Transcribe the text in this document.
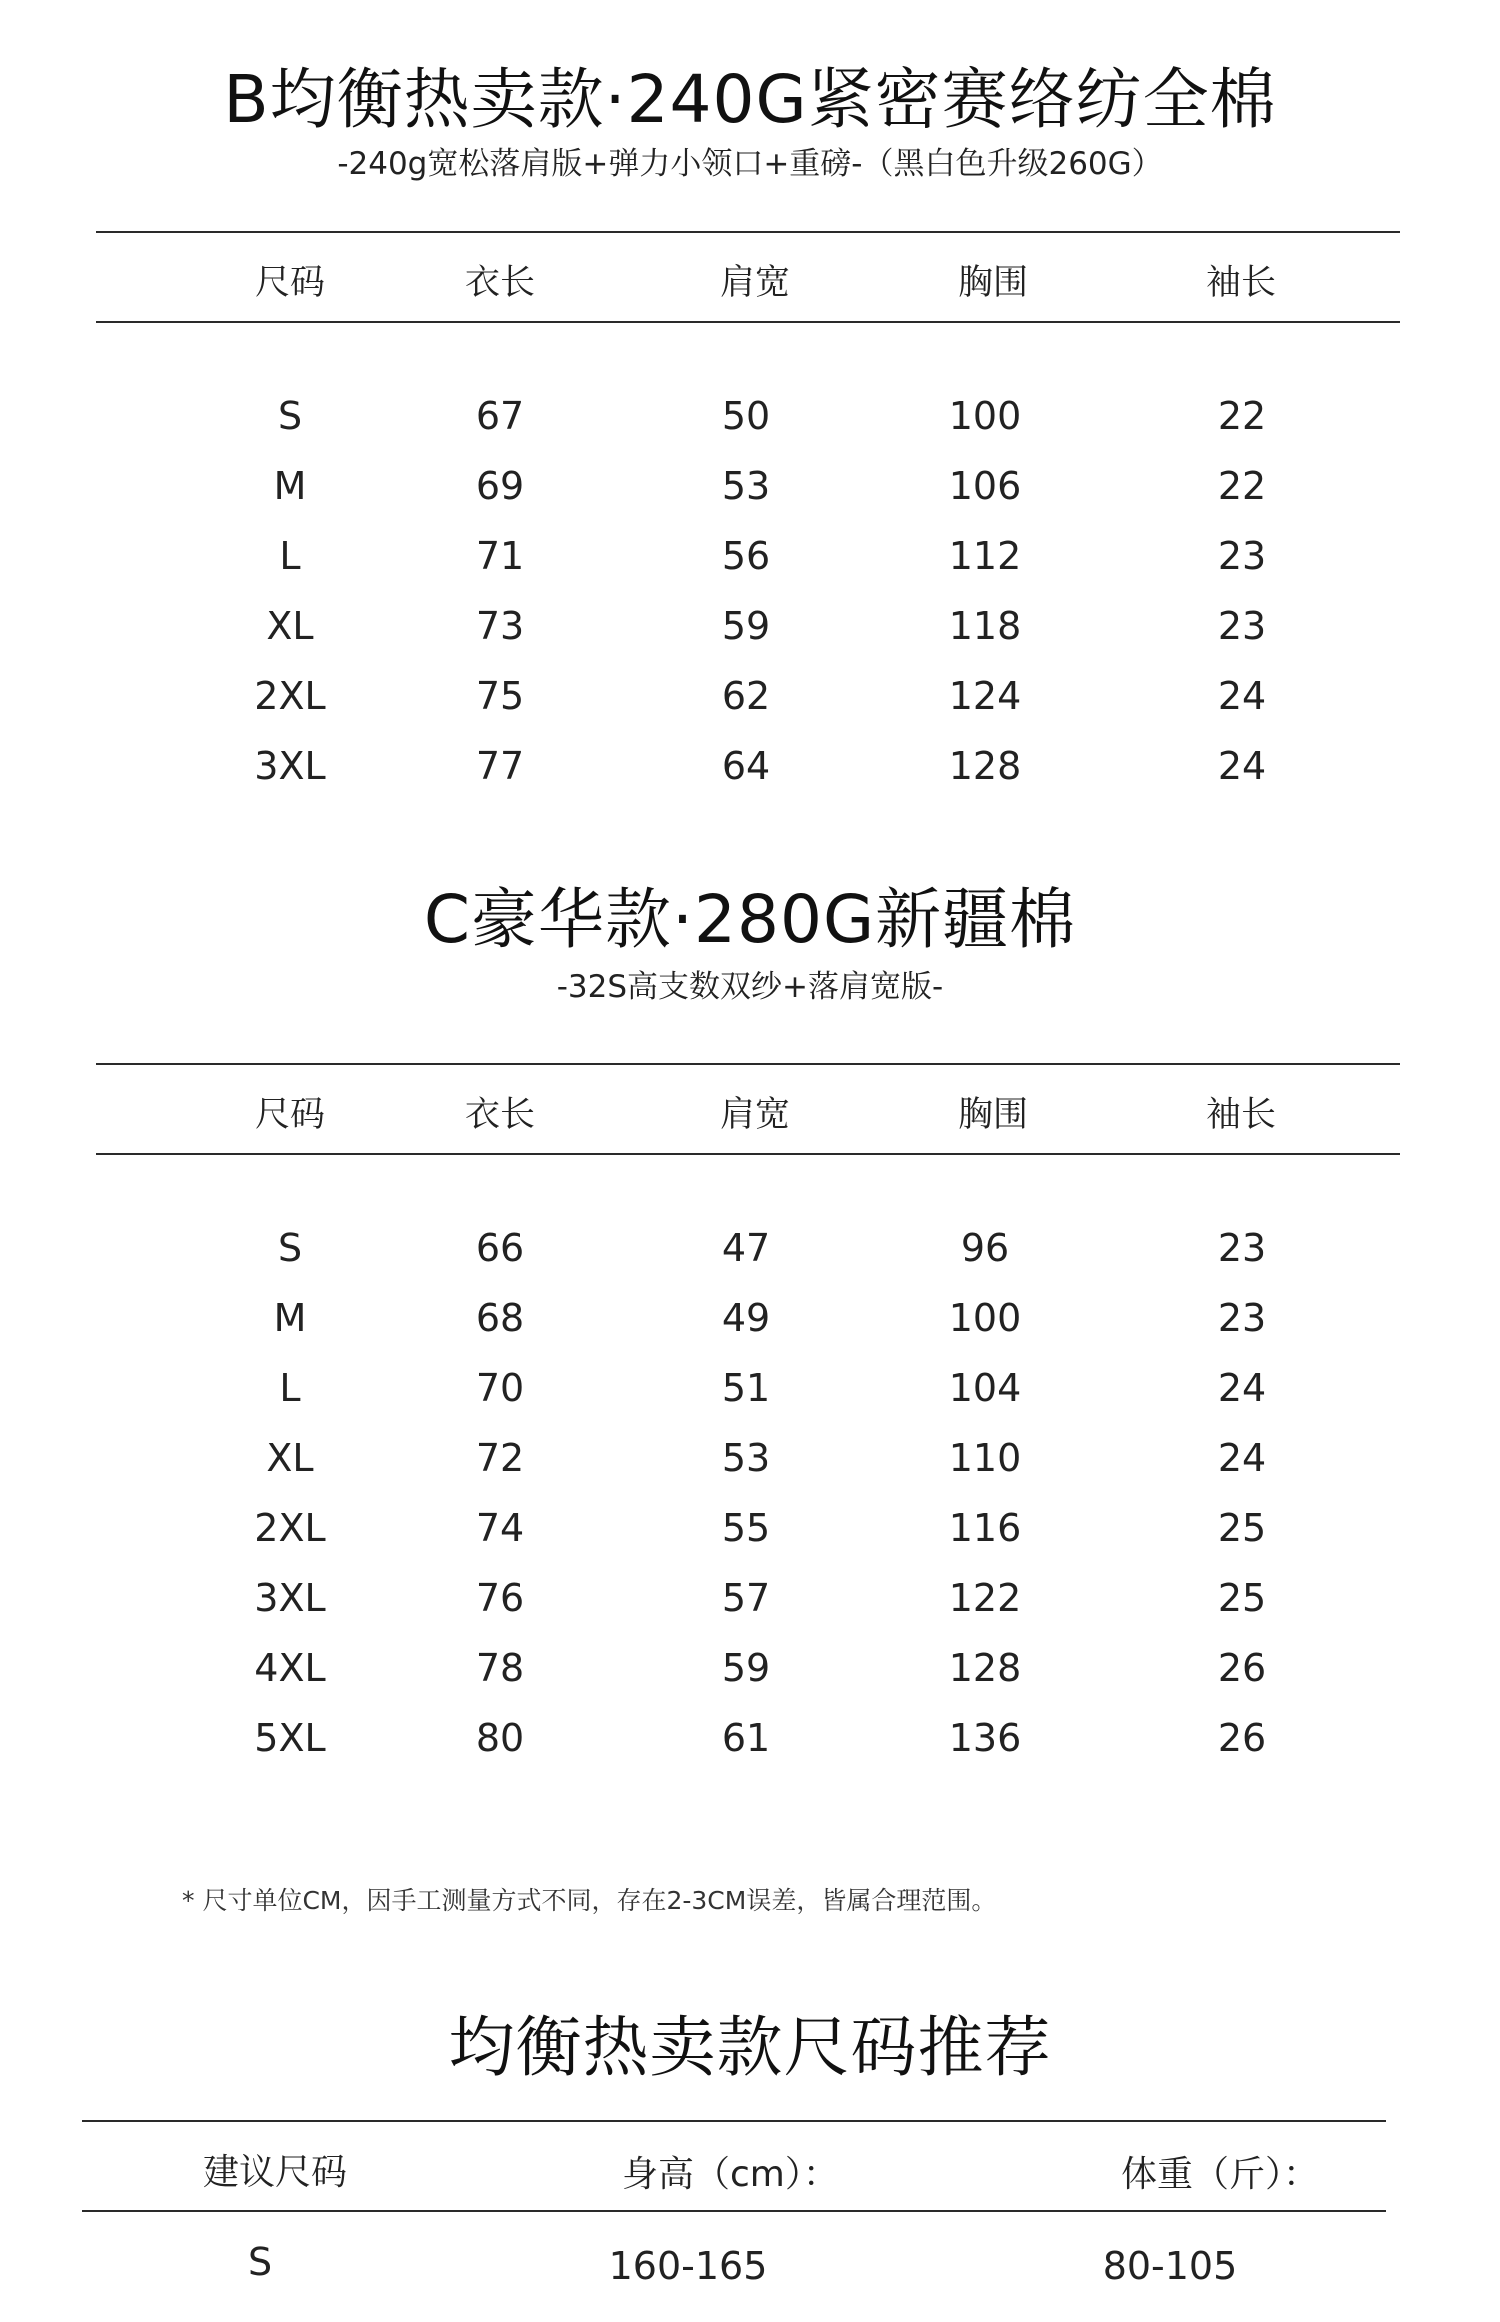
B均衡热卖款·240G紧密赛络纺全棉
-240g宽松落肩版+弹力小领口+重磅-（黑白色升级260G）
尺码	衣长	肩宽	胸围	袖长
S	67	50	100	22
M	69	53	106	22
L	71	56	112	23
XL	73	59	118	23
2XL	75	62	124	24
3XL	77	64	128	24
C豪华款·280G新疆棉
-32S高支数双纱+落肩宽版-
尺码	衣长	肩宽	胸围	袖长
S	66	47	96	23
M	68	49	100	23
L	70	51	104	24
XL	72	53	110	24
2XL	74	55	116	25
3XL	76	57	122	25
4XL	78	59	128	26
5XL	80	61	136	26
* 尺寸单位CM，因手工测量方式不同，存在2-3CM误差，皆属合理范围。
均衡热卖款尺码推荐
建议尺码	身高（cm）：	体重（斤）：
S	160-165	80-105
